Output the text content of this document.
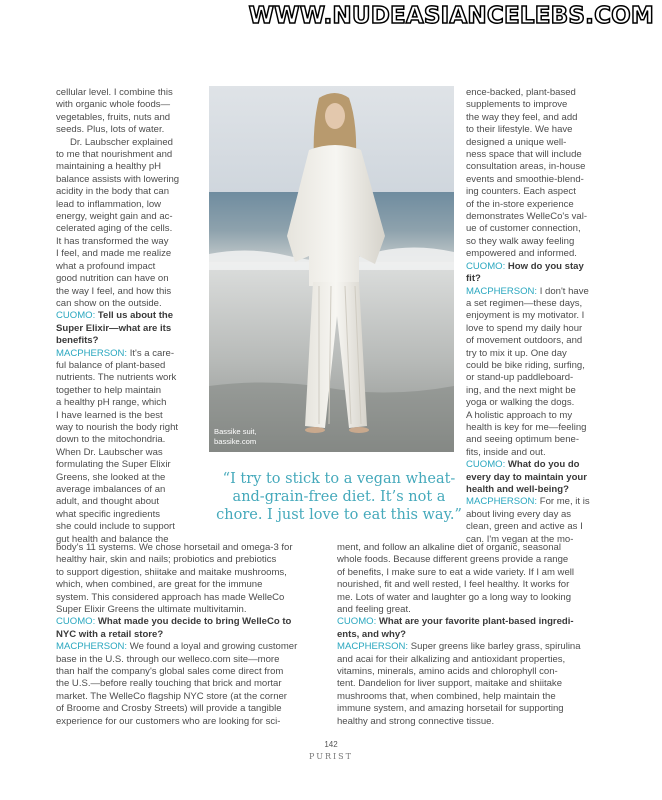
WWW.NUDEASIANCELEBS.COM

cellular level. I combine this
with organic whole foods—
vegetables, fruits, nuts and
seeds. Plus, lots of water.

Dr. Laubscher explained
to me that nourishment and
maintaining a healthy pH
balance assists with lowering
acidity in the body that can
lead to inflammation, low
energy, weight gain and ac-
celerated aging of the cells.
It has transformed the way
I feel, and made me realize
what a profound impact
good nutrition can have on
the way I feel, and how this
can show on the outside.

CUOMO: Tell us about the
Super Elixir—what are its
benefits?

MACPHERSON: It's a care-
ful balance of plant-based
nutrients. The nutrients work
together to help maintain
a healthy pH range, which
I have learned is the best
way to nourish the body right
down to the mitochondria.
When Dr. Laubscher was
formulating the Super Elixir
Greens, she looked at the
average imbalances of an
adult, and thought about
what specific ingredients
she could include to support
gut health and balance the

Bassike suit,
bassike.com
“I try to stick to a vegan wheat-
and-grain-free diet. It’s not a
chore. I just love to eat this way.”

ence-backed, plant-based
supplements to improve
the way they feel, and add
to their lifestyle. We have
designed a unique well-
ness space that will include
consultation areas, in-house
events and smoothie-blend-
ing counters. Each aspect
of the in-store experience
demonstrates WelleCo's val-
ue of customer connection,
so they walk away feeling
empowered and informed.

CUOMO: How do you stay
fit?

MACPHERSON: I don't have
a set regimen—these days,
enjoyment is my motivator. I
love to spend my daily hour
of movement outdoors, and
try to mix it up. One day
could be bike riding, surfing,
or stand-up paddleboard-
ing, and the next might be
yoga or walking the dogs.
A holistic approach to my
health is key for me—feeling
and seeing optimum bene-
fits, inside and out.

CUOMO: What do you do
every day to maintain your
health and well-being?

MACPHERSON: For me, it is
about living every day as
clean, green and active as I
can. I'm vegan at the mo-

body's 11 systems. We chose horsetail and omega-3 for
healthy hair, skin and nails; probiotics and prebiotics
to support digestion, shiitake and maitake mushrooms,
which, when combined, are great for the immune
system. This considered approach has made WelleCo
Super Elixir Greens the ultimate multivitamin.

CUOMO: What made you decide to bring WelleCo to
NYC with a retail store?

MACPHERSON: We found a loyal and growing customer
base in the U.S. through our welleco.com site—more
than half the company's global sales come direct from
the U.S.—before really touching that brick and mortar
market. The WelleCo flagship NYC store (at the corner
of Broome and Crosby Streets) will provide a tangible
experience for our customers who are looking for sci-

ment, and follow an alkaline diet of organic, seasonal
whole foods. Because different greens provide a range
of benefits, I make sure to eat a wide variety. If I am well
nourished, fit and well rested, I feel healthy. It works for
me. Lots of water and laughter go a long way to looking
and feeling great.

CUOMO: What are your favorite plant-based ingredi-
ents, and why?

MACPHERSON: Super greens like barley grass, spirulina
and acai for their alkalizing and antioxidant properties,
vitamins, minerals, amino acids and chlorophyll con-
tent. Dandelion for liver support, maitake and shiitake
mushrooms that, when combined, help maintain the
immune system, and amazing horsetail for supporting
healthy and strong connective tissue.

142
PURIST
